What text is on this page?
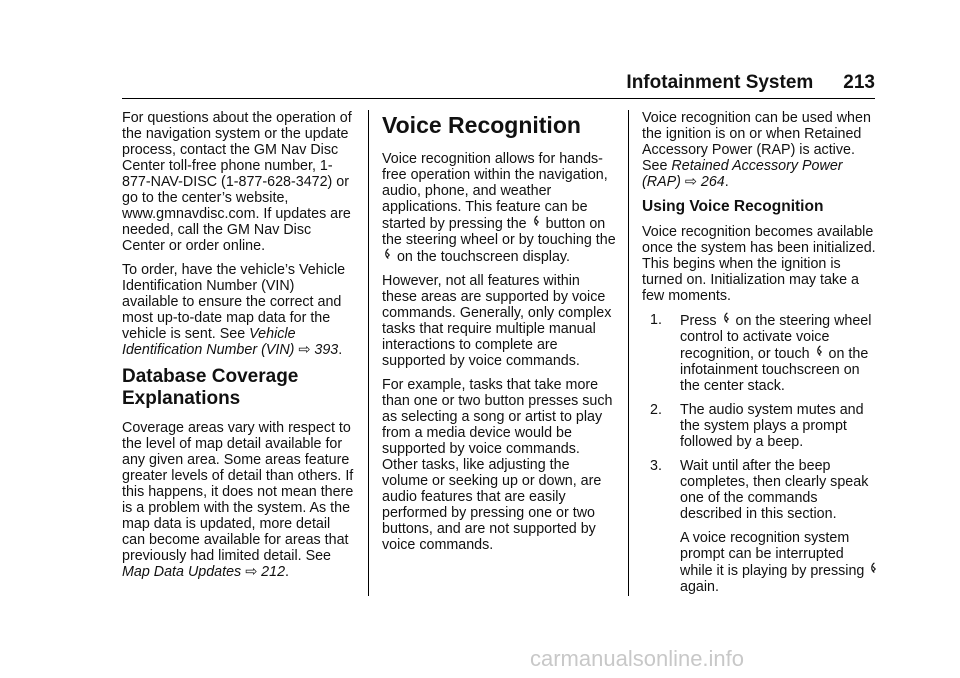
Infotainment System 213

For questions about the operation of the navigation system or the update process, contact the GM Nav Disc Center toll-free phone number, 1-877-NAV-DISC (1-877-628-3472) or go to the center’s website, www.gmnavdisc.com. If updates are needed, call the GM Nav Disc Center or order online.

To order, have the vehicle’s Vehicle Identification Number (VIN) available to ensure the correct and most up-to-date map data for the vehicle is sent. See Vehicle Identification Number (VIN) ⇨ 393.

Database Coverage Explanations

Coverage areas vary with respect to the level of map detail available for any given area. Some areas feature greater levels of detail than others. If this happens, it does not mean there is a problem with the system. As the map data is updated, more detail can become available for areas that previously had limited detail. See Map Data Updates ⇨ 212.

Voice Recognition

Voice recognition allows for hands-free operation within the navigation, audio, phone, and weather applications. This feature can be started by pressing the button on the steering wheel or by touching the  on the touchscreen display.

However, not all features within these areas are supported by voice commands. Generally, only complex tasks that require multiple manual interactions to complete are supported by voice commands.

For example, tasks that take more than one or two button presses such as selecting a song or artist to play from a media device would be supported by voice commands. Other tasks, like adjusting the volume or seeking up or down, are audio features that are easily performed by pressing one or two buttons, and are not supported by voice commands.

Voice recognition can be used when the ignition is on or when Retained Accessory Power (RAP) is active. See Retained Accessory Power (RAP) ⇨ 264.

Using Voice Recognition

Voice recognition becomes available once the system has been initialized. This begins when the ignition is turned on. Initialization may take a few moments.

1.	Press on the steering wheel control to activate voice recognition, or touch on the infotainment touchscreen on the center stack.
2.	The audio system mutes and the system plays a prompt followed by a beep.
3.	Wait until after the beep completes, then clearly speak one of the commands described in this section.

A voice recognition system prompt can be interrupted while it is playing by pressing  again.

carmanualsonline.info
